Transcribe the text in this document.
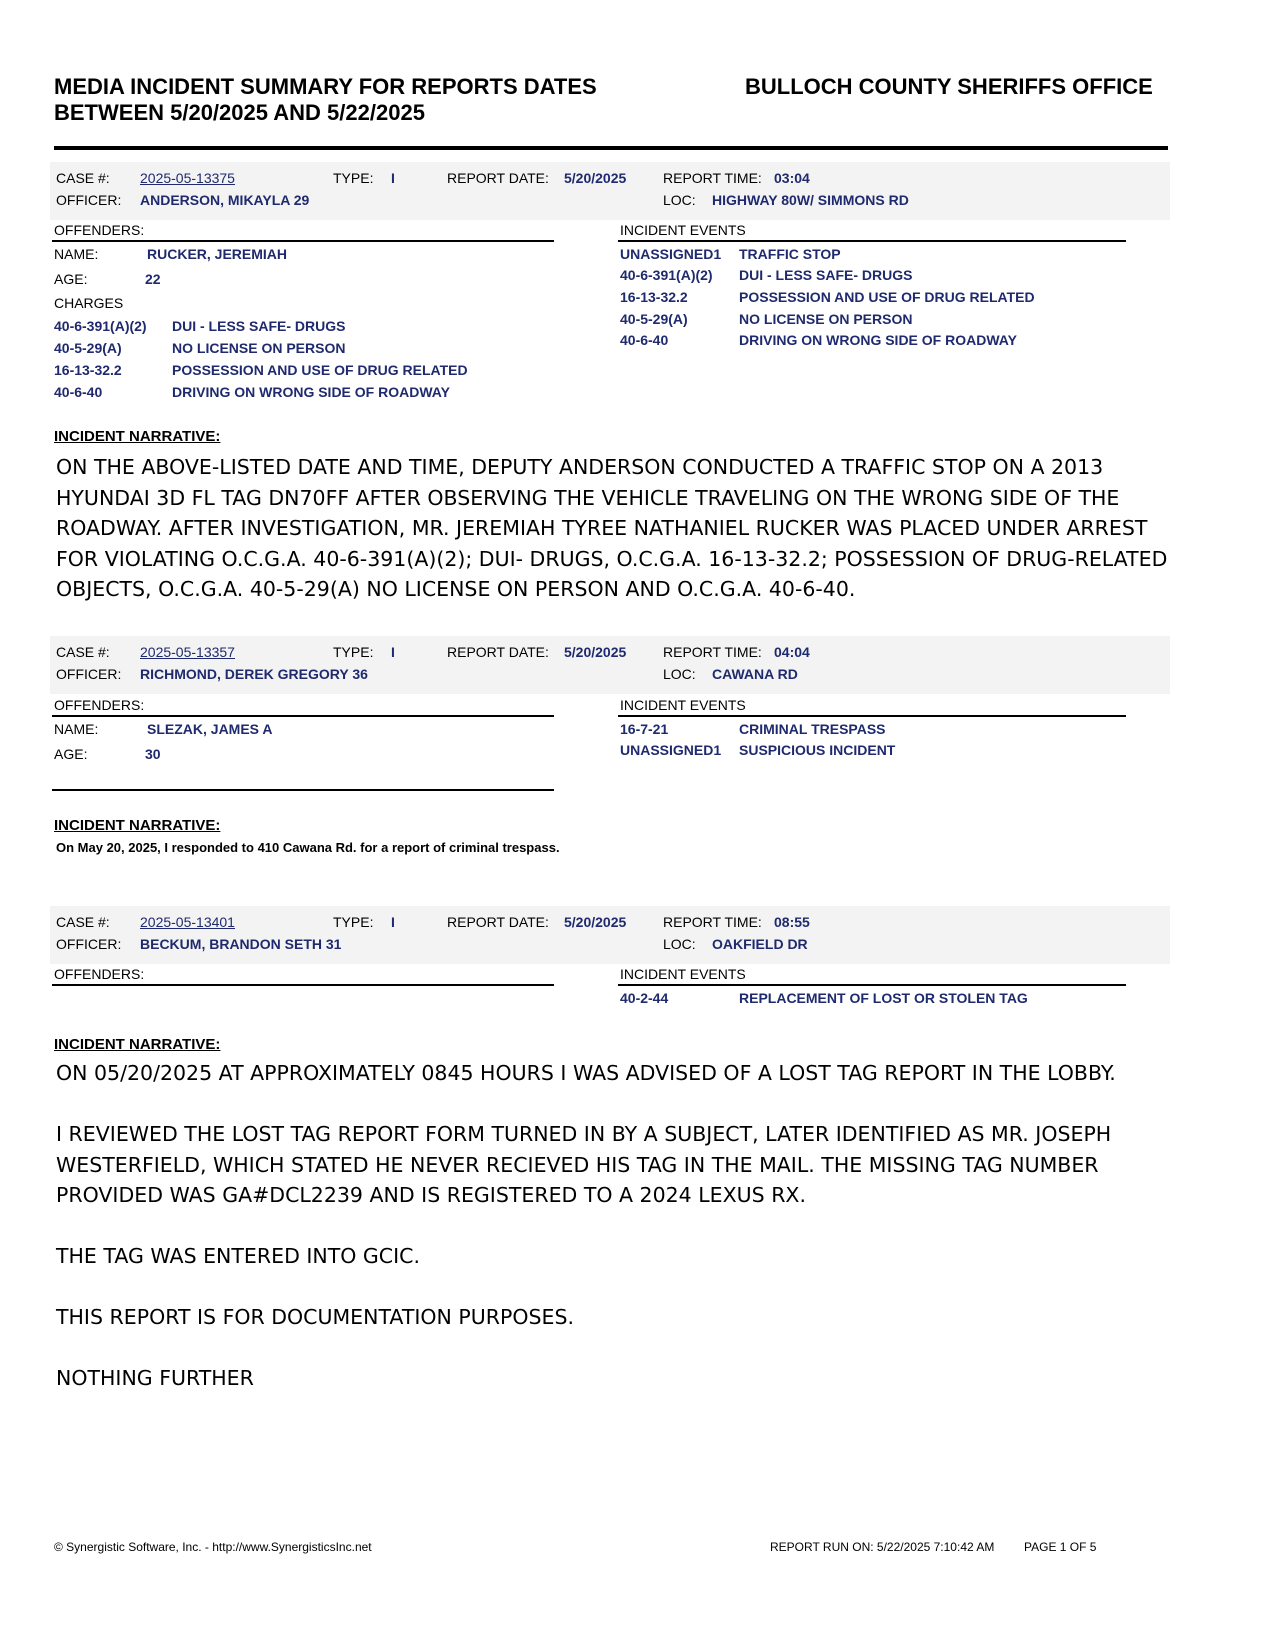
MEDIA INCIDENT SUMMARY FOR REPORTS DATES
BETWEEN 5/20/2025 AND 5/22/2025
BULLOCH COUNTY SHERIFFS OFFICE
CASE #: 2025-05-13375	TYPE: I	REPORT DATE: 5/20/2025	REPORT TIME: 03:04
OFFICER: ANDERSON, MIKAYLA 29	LOC: HIGHWAY 80W/ SIMMONS RD
OFFENDERS:	INCIDENT EVENTS
NAME:	RUCKER, JEREMIAH
AGE:	22
CHARGES
40-6-391(A)(2) DUI - LESS SAFE- DRUGS
40-5-29(A)	NO LICENSE ON PERSON
16-13-32.2	POSSESSION AND USE OF DRUG RELATED
40-6-40	DRIVING ON WRONG SIDE OF ROADWAY
UNASSIGNED1 TRAFFIC STOP
40-6-391(A)(2) DUI - LESS SAFE- DRUGS
16-13-32.2	POSSESSION AND USE OF DRUG RELATED
40-5-29(A)	NO LICENSE ON PERSON
40-6-40	DRIVING ON WRONG SIDE OF ROADWAY
INCIDENT NARRATIVE:
ON THE ABOVE-LISTED DATE AND TIME, DEPUTY ANDERSON CONDUCTED A TRAFFIC STOP ON A 2013 HYUNDAI 3D FL TAG DN70FF AFTER OBSERVING THE VEHICLE TRAVELING ON THE WRONG SIDE OF THE ROADWAY. AFTER INVESTIGATION, MR. JEREMIAH TYREE NATHANIEL RUCKER WAS PLACED UNDER ARREST FOR VIOLATING O.C.G.A. 40-6-391(A)(2); DUI- DRUGS, O.C.G.A. 16-13-32.2; POSSESSION OF DRUG-RELATED OBJECTS, O.C.G.A. 40-5-29(A) NO LICENSE ON PERSON AND O.C.G.A. 40-6-40.
CASE #: 2025-05-13357	TYPE: I	REPORT DATE: 5/20/2025	REPORT TIME: 04:04
OFFICER: RICHMOND, DEREK GREGORY 36	LOC: CAWANA RD
OFFENDERS:	INCIDENT EVENTS
NAME:	SLEZAK, JAMES A
AGE:	30
16-7-21	CRIMINAL TRESPASS
UNASSIGNED1 SUSPICIOUS INCIDENT
INCIDENT NARRATIVE:
On May 20, 2025, I responded to 410 Cawana Rd. for a report of criminal trespass.
CASE #: 2025-05-13401	TYPE: I	REPORT DATE: 5/20/2025	REPORT TIME: 08:55
OFFICER: BECKUM, BRANDON SETH 31	LOC: OAKFIELD DR
OFFENDERS:	INCIDENT EVENTS
40-2-44	REPLACEMENT OF LOST OR STOLEN TAG
INCIDENT NARRATIVE:
ON 05/20/2025 AT APPROXIMATELY 0845 HOURS I WAS ADVISED OF A LOST TAG REPORT IN THE LOBBY.

I REVIEWED THE LOST TAG REPORT FORM TURNED IN BY A SUBJECT, LATER IDENTIFIED AS MR. JOSEPH
WESTERFIELD, WHICH STATED HE NEVER RECIEVED HIS TAG IN THE MAIL. THE MISSING TAG NUMBER
PROVIDED WAS GA#DCL2239 AND IS REGISTERED TO A 2024 LEXUS RX.

THE TAG WAS ENTERED INTO GCIC.

THIS REPORT IS FOR DOCUMENTATION PURPOSES.

NOTHING FURTHER
© Synergistic Software, Inc. - http://www.SynergisticsInc.net	REPORT RUN ON: 5/22/2025 7:10:42 AM PAGE 1 OF 5
